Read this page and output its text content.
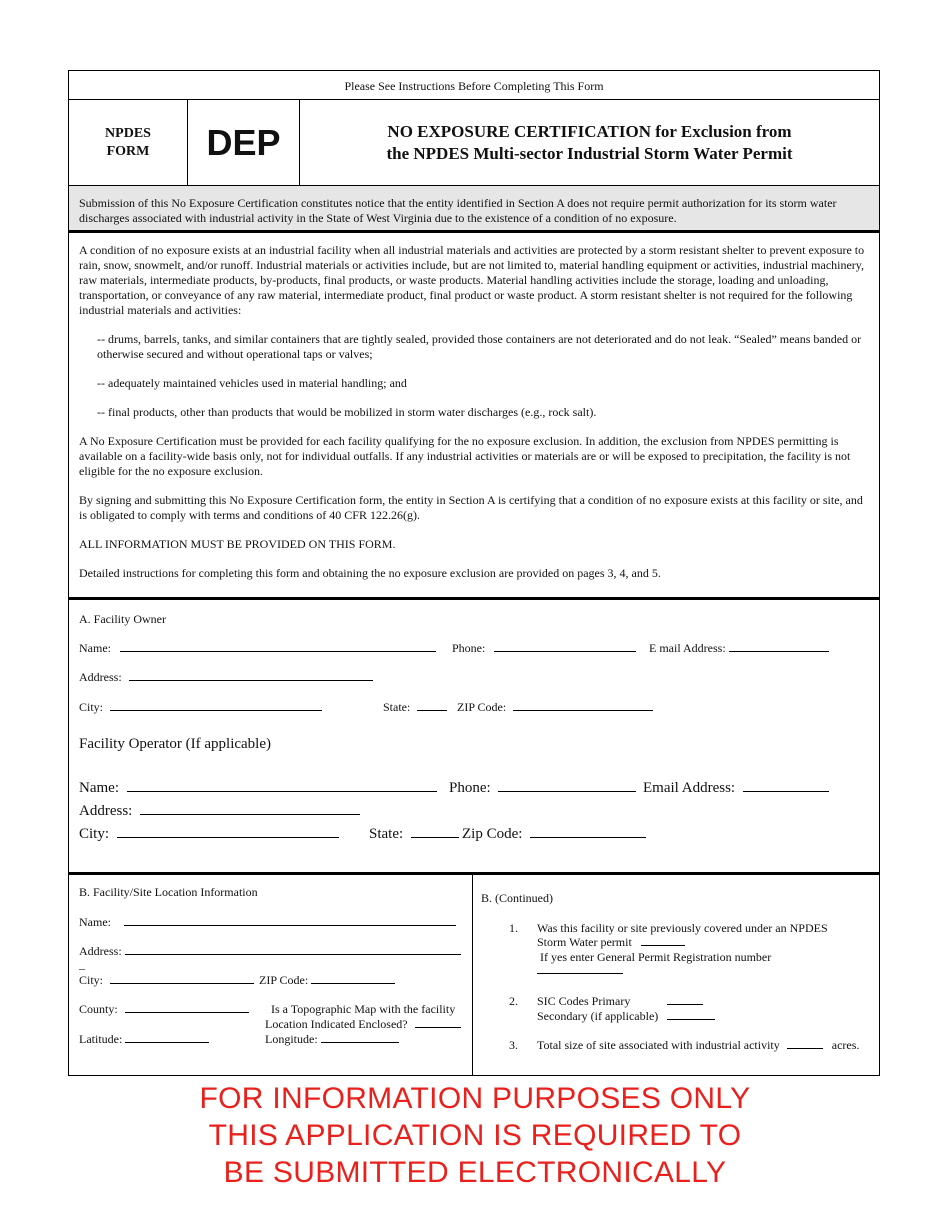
Please See Instructions Before Completing This Form
NPDES
FORM	DEP	NO EXPOSURE CERTIFICATION for Exclusion from
the NPDES Multi-sector Industrial Storm Water Permit
Submission of this No Exposure Certification constitutes notice that the entity identified in Section A does not require permit authorization for its storm water discharges associated with industrial activity in the State of West Virginia due to the existence of a condition of no exposure.

A condition of no exposure exists at an industrial facility when all industrial materials and activities are protected by a storm resistant shelter to prevent exposure to rain, snow, snowmelt, and/or runoff. Industrial materials or activities include, but are not limited to, material handling equipment or activities, industrial machinery, raw materials, intermediate products, by-products, final products, or waste products. Material handling activities include the storage, loading and unloading, transportation, or conveyance of any raw material, intermediate product, final product or waste product. A storm resistant shelter is not required for the following industrial materials and activities:

-- drums, barrels, tanks, and similar containers that are tightly sealed, provided those containers are not deteriorated and do not leak. “Sealed” means banded or otherwise secured and without operational taps or valves;

-- adequately maintained vehicles used in material handling; and

-- final products, other than products that would be mobilized in storm water discharges (e.g., rock salt).

A No Exposure Certification must be provided for each facility qualifying for the no exposure exclusion. In addition, the exclusion from NPDES permitting is available on a facility-wide basis only, not for individual outfalls. If any industrial activities or materials are or will be exposed to precipitation, the facility is not eligible for the no exposure exclusion.

By signing and submitting this No Exposure Certification form, the entity in Section A is certifying that a condition of no exposure exists at this facility or site, and is obligated to comply with terms and conditions of 40 CFR 122.26(g).

ALL INFORMATION MUST BE PROVIDED ON THIS FORM.

Detailed instructions for completing this form and obtaining the no exposure exclusion are provided on pages 3, 4, and 5.

A. Facility Owner
Name:	Phone:	E mail Address:
Address:
City:	State:	ZIP Code:
Facility Operator (If applicable)
Name:	Phone:	Email Address:
Address:
City:	State:	Zip Code:
B. Facility/Site Location Information
Name:
Address:
_
City:	ZIP Code:
County:	Is a Topographic Map with the facility
Location Indicated Enclosed?
Latitude:	Longitude:
B. (Continued)
1. Was this facility or site previously covered under an NPDES
Storm Water permit
If yes enter General Permit Registration number
2. SIC Codes Primary
Secondary (if applicable)
3. Total size of site associated with industrial activity	acres.
FOR INFORMATION PURPOSES ONLY
THIS APPLICATION IS REQUIRED TO
BE SUBMITTED ELECTRONICALLY
